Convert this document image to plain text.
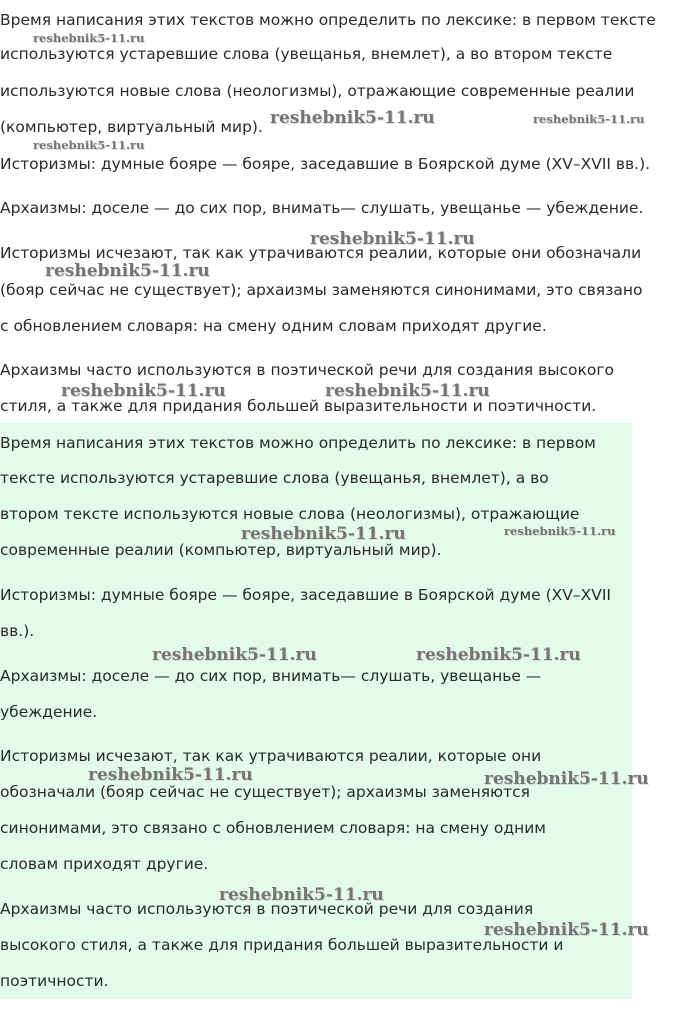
Время написания этих текстов можно определить по лексике: в первом тексте

используются устаревшие слова (увещанья, внемлет), а во втором тексте

используются новые слова (неологизмы), отражающие современные реалии

(компьютер, виртуальный мир).

Историзмы: думные бояре — бояре, заседавшие в Боярской думе (XV–XVII вв.).

Архаизмы: доселе — до сих пор, внимать— слушать, увещанье — убеждение.

Историзмы исчезают, так как утрачиваются реалии, которые они обозначали

(бояр сейчас не существует); архаизмы заменяются синонимами, это связано

с обновлением словаря: на смену одним словам приходят другие.

Архаизмы часто используются в поэтической речи для создания высокого

стиля, а также для придания большей выразительности и поэтичности.

Время написания этих текстов можно определить по лексике: в первом

тексте используются устаревшие слова (увещанья, внемлет), а во

втором тексте используются новые слова (неологизмы), отражающие

современные реалии (компьютер, виртуальный мир).

Историзмы: думные бояре — бояре, заседавшие в Боярской думе (XV–XVII

вв.).

Архаизмы: доселе — до сих пор, внимать— слушать, увещанье —

убеждение.

Историзмы исчезают, так как утрачиваются реалии, которые они

обозначали (бояр сейчас не существует); архаизмы заменяются

синонимами, это связано с обновлением словаря: на смену одним

словам приходят другие.

Архаизмы часто используются в поэтической речи для создания

высокого стиля, а также для придания большей выразительности и

поэтичности.

reshebnik5-11.ru
reshebnik5-11.ru
reshebnik5-11.ru	reshebnik5-11.ru
reshebnik5-11.ru
reshebnik5-11.ru
reshebnik5-11.ru	reshebnik5-11.ru
reshebnik5-11.ru	reshebnik5-11.ru
reshebnik5-11.ru	reshebnik5-11.ru
reshebnik5-11.ru	reshebnik5-11.ru
reshebnik5-11.ru
reshebnik5-11.ru
